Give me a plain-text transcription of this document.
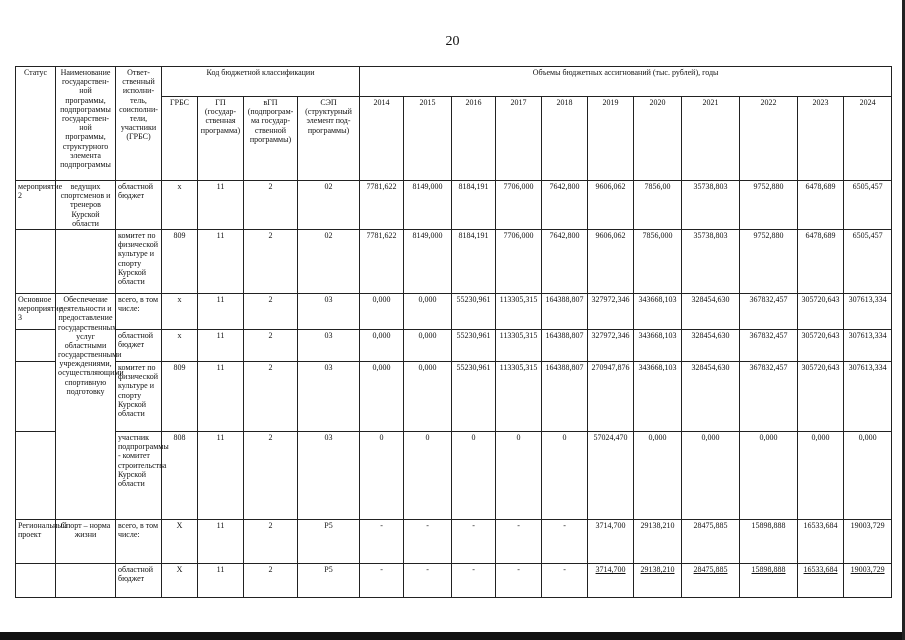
20
Статус	Наименование государствен-ной программы, подпрограммы государствен-ной программы, структурного элемента подпрограммы	Ответ-ственный исполни-тель, соисполни-тели, участники (ГРБС)	Код бюджетной классификации				Объемы бюджетных ассигнований (тыс. рублей), годы										
			ГРБС	ГП (государ-ственная программа)	вГП (подпрограм-ма государ-ственной программы)	СЭП (структурный элемент под-программы)	2014	2015	2016	2017	2018	2019	2020	2021	2022	2023	2024
мероприятие 2	ведущих спортсменов и тренеров Курской области	областной бюджет	х	11	2	02	7781,622	8149,000	8184,191	7706,000	7642,800	9606,062	7856,00	35738,803	9752,880	6478,689	6505,457
		комитет по физической культуре и спорту Курской области	809	11	2	02	7781,622	8149,000	8184,191	7706,000	7642,800	9606,062	7856,000	35738,803	9752,880	6478,689	6505,457
Основное мероприятие 3	Обеспечение деятельности и предоставление государственных услуг областными государственными учреждениями, осуществляющими спортивную подготовку	всего, в том числе:	х	11	2	03	0,000	0,000	55230,961	113305,315	164388,807	327972,346	343668,103	328454,630	367832,457	305720,643	307613,334
		областной бюджет	х	11	2	03	0,000	0,000	55230,961	113305,315	164388,807	327972,346	343668,103	328454,630	367832,457	305720,643	307613,334
		комитет по физической культуре и спорту Курской области	809	11	2	03	0,000	0,000	55230,961	113305,315	164388,807	270947,876	343668,103	328454,630	367832,457	305720,643	307613,334
		участник подпрограммы - комитет строительства Курской области	808	11	2	03	0	0	0	0	0	57024,470	0,000	0,000	0,000	0,000	0,000
Региональный проект	Спорт – норма жизни	всего, в том числе:	Х	11	2	P5	-	-	-	-	-	3714,700	29138,210	28475,885	15898,888	16533,684	19003,729
		областной бюджет	Х	11	2	P5	-	-	-	-	-	3714,700	29138,210	28475,885	15898,888	16533,684	19003,729
